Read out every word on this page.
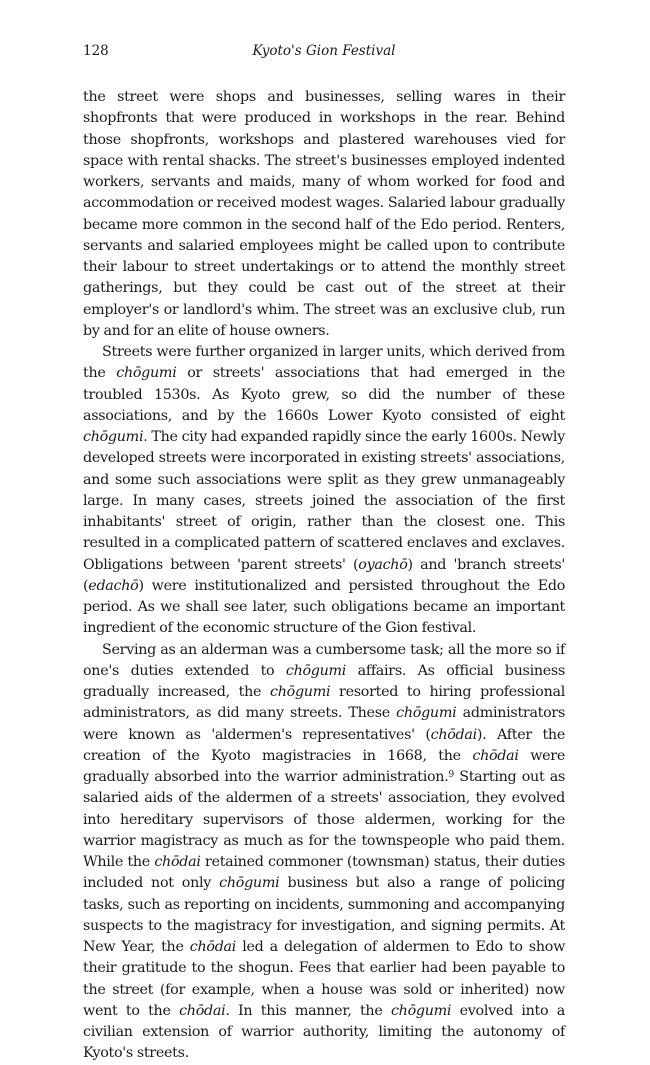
128	Kyoto's Gion Festival

the street were shops and businesses, selling wares in their shopfronts that were produced in workshops in the rear. Behind those shopfronts, workshops and plastered warehouses vied for space with rental shacks. The street's businesses employed indented workers, servants and maids, many of whom worked for food and accommodation or received modest wages. Salaried labour gradually became more common in the second half of the Edo period. Renters, servants and salaried employees might be called upon to contribute their labour to street undertakings or to attend the monthly street gatherings, but they could be cast out of the street at their employer's or landlord's whim. The street was an exclusive club, run by and for an elite of house owners.

Streets were further organized in larger units, which derived from the chōgumi or streets' associations that had emerged in the troubled 1530s. As Kyoto grew, so did the number of these associations, and by the 1660s Lower Kyoto consisted of eight chōgumi. The city had expanded rapidly since the early 1600s. Newly developed streets were incorporated in existing streets' associations, and some such associations were split as they grew unmanageably large. In many cases, streets joined the association of the first inhabitants' street of origin, rather than the closest one. This resulted in a complicated pattern of scattered enclaves and exclaves. Obligations between 'parent streets' (oyachō) and 'branch streets' (edachō) were institutionalized and persisted throughout the Edo period. As we shall see later, such obligations became an important ingredient of the economic structure of the Gion festival.

Serving as an alderman was a cumbersome task; all the more so if one's duties extended to chōgumi affairs. As official business gradually increased, the chōgumi resorted to hiring professional administrators, as did many streets. These chōgumi administrators were known as 'aldermen's representatives' (chōdai). After the creation of the Kyoto magistracies in 1668, the chōdai were gradually absorbed into the warrior administration.$^9$ Starting out as salaried aids of the aldermen of a streets' association, they evolved into hereditary supervisors of those aldermen, working for the warrior magistracy as much as for the townspeople who paid them. While the chōdai retained commoner (townsman) status, their duties included not only chōgumi business but also a range of policing tasks, such as reporting on incidents, summoning and accompanying suspects to the magistracy for investigation, and signing permits. At New Year, the chōdai led a delegation of aldermen to Edo to show their gratitude to the shogun. Fees that earlier had been payable to the street (for example, when a house was sold or inherited) now went to the chōdai. In this manner, the chōgumi evolved into a civilian extension of warrior authority, limiting the autonomy of Kyoto's streets.
